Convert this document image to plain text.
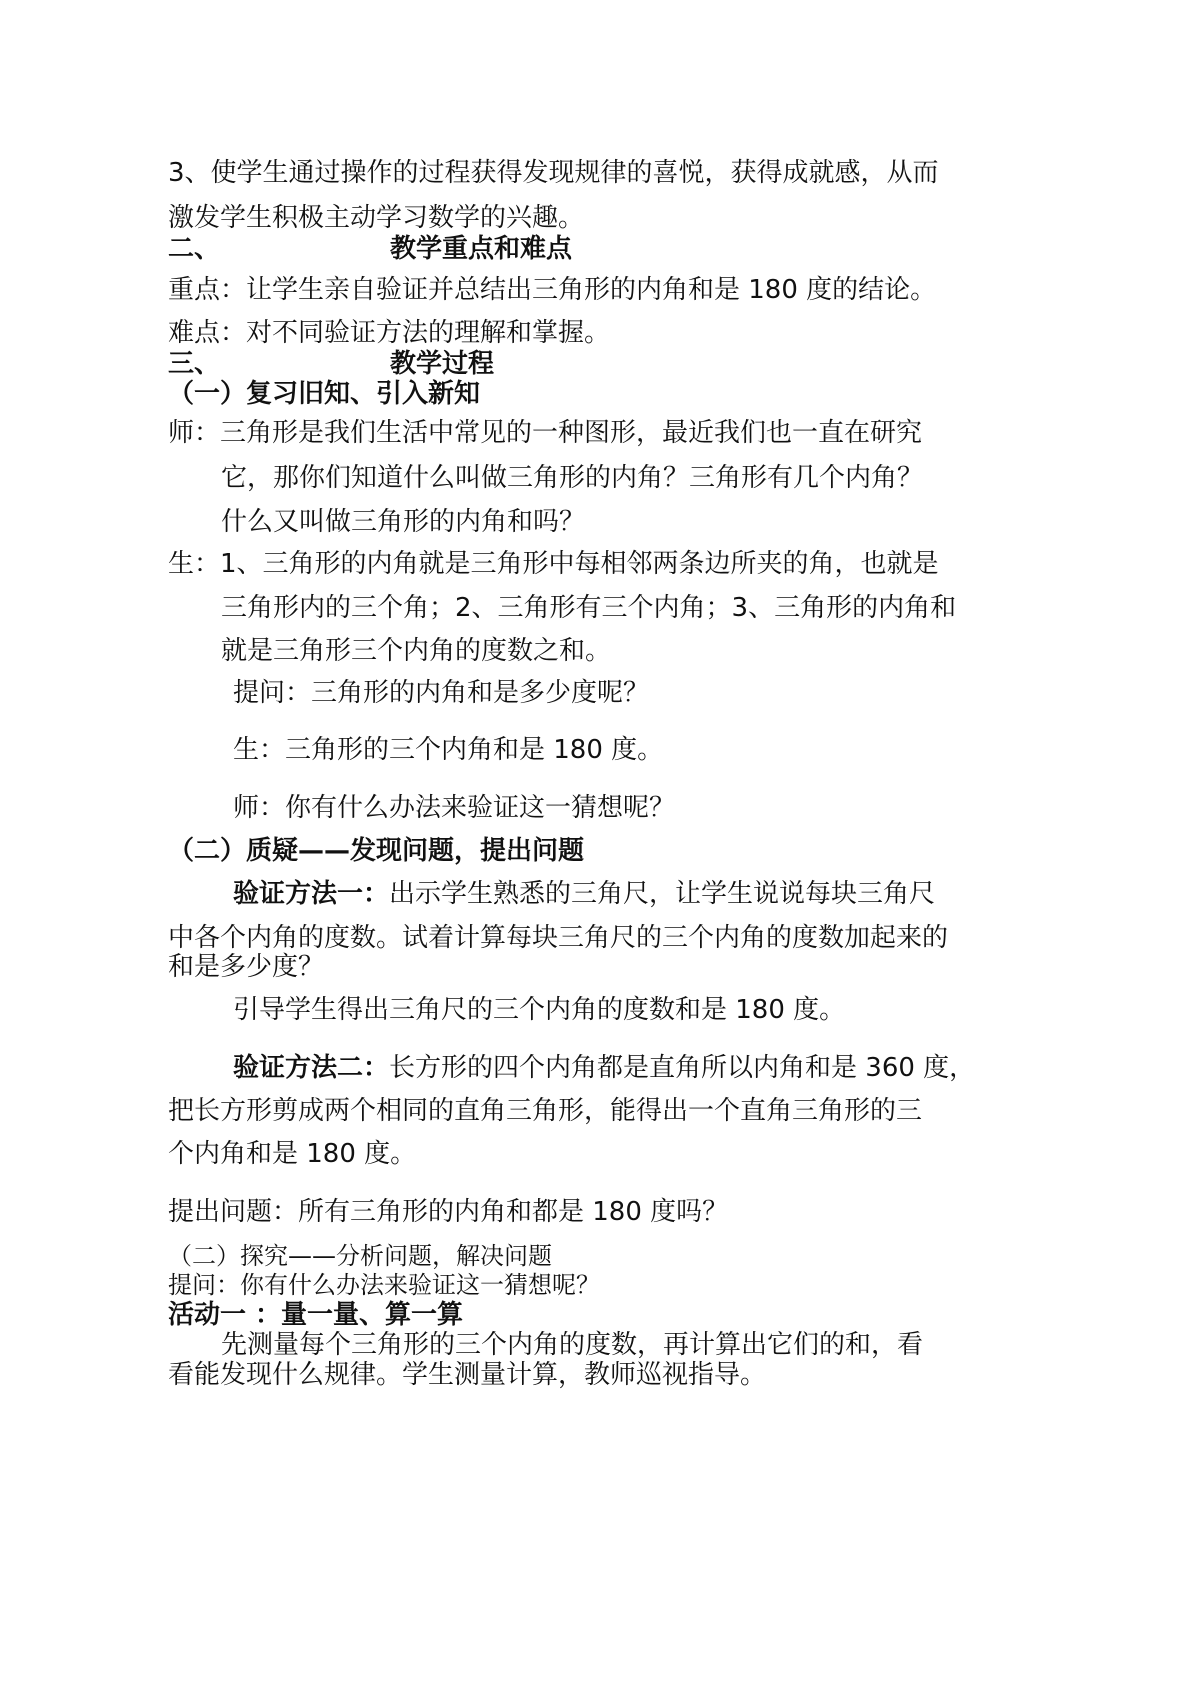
3、使学生通过操作的过程获得发现规律的喜悦，获得成就感，从而
激发学生积极主动学习数学的兴趣。
二、	教学重点和难点
重点：让学生亲自验证并总结出三角形的内角和是 180 度的结论。
难点：对不同验证方法的理解和掌握。
三、	教学过程
（一）复习旧知、引入新知
师：三角形是我们生活中常见的一种图形，最近我们也一直在研究
它，那你们知道什么叫做三角形的内角？三角形有几个内角？
什么又叫做三角形的内角和吗？
生：1、三角形的内角就是三角形中每相邻两条边所夹的角，也就是
三角形内的三个角；2、三角形有三个内角；3、三角形的内角和
就是三角形三个内角的度数之和。
提问：三角形的内角和是多少度呢？
生：三角形的三个内角和是 180 度。
师：你有什么办法来验证这一猜想呢？
（二）质疑——发现问题，提出问题
验证方法一：出示学生熟悉的三角尺，让学生说说每块三角尺
中各个内角的度数。试着计算每块三角尺的三个内角的度数加起来的
和是多少度？
引导学生得出三角尺的三个内角的度数和是 180 度。
验证方法二：长方形的四个内角都是直角所以内角和是 360 度，
把长方形剪成两个相同的直角三角形，能得出一个直角三角形的三
个内角和是 180 度。
提出问题：所有三角形的内角和都是 180 度吗？
（二）探究——分析问题，解决问题
提问：你有什么办法来验证这一猜想呢？
活动一 ：量一量、算一算
先测量每个三角形的三个内角的度数，再计算出它们的和，看
看能发现什么规律。学生测量计算，教师巡视指导。
